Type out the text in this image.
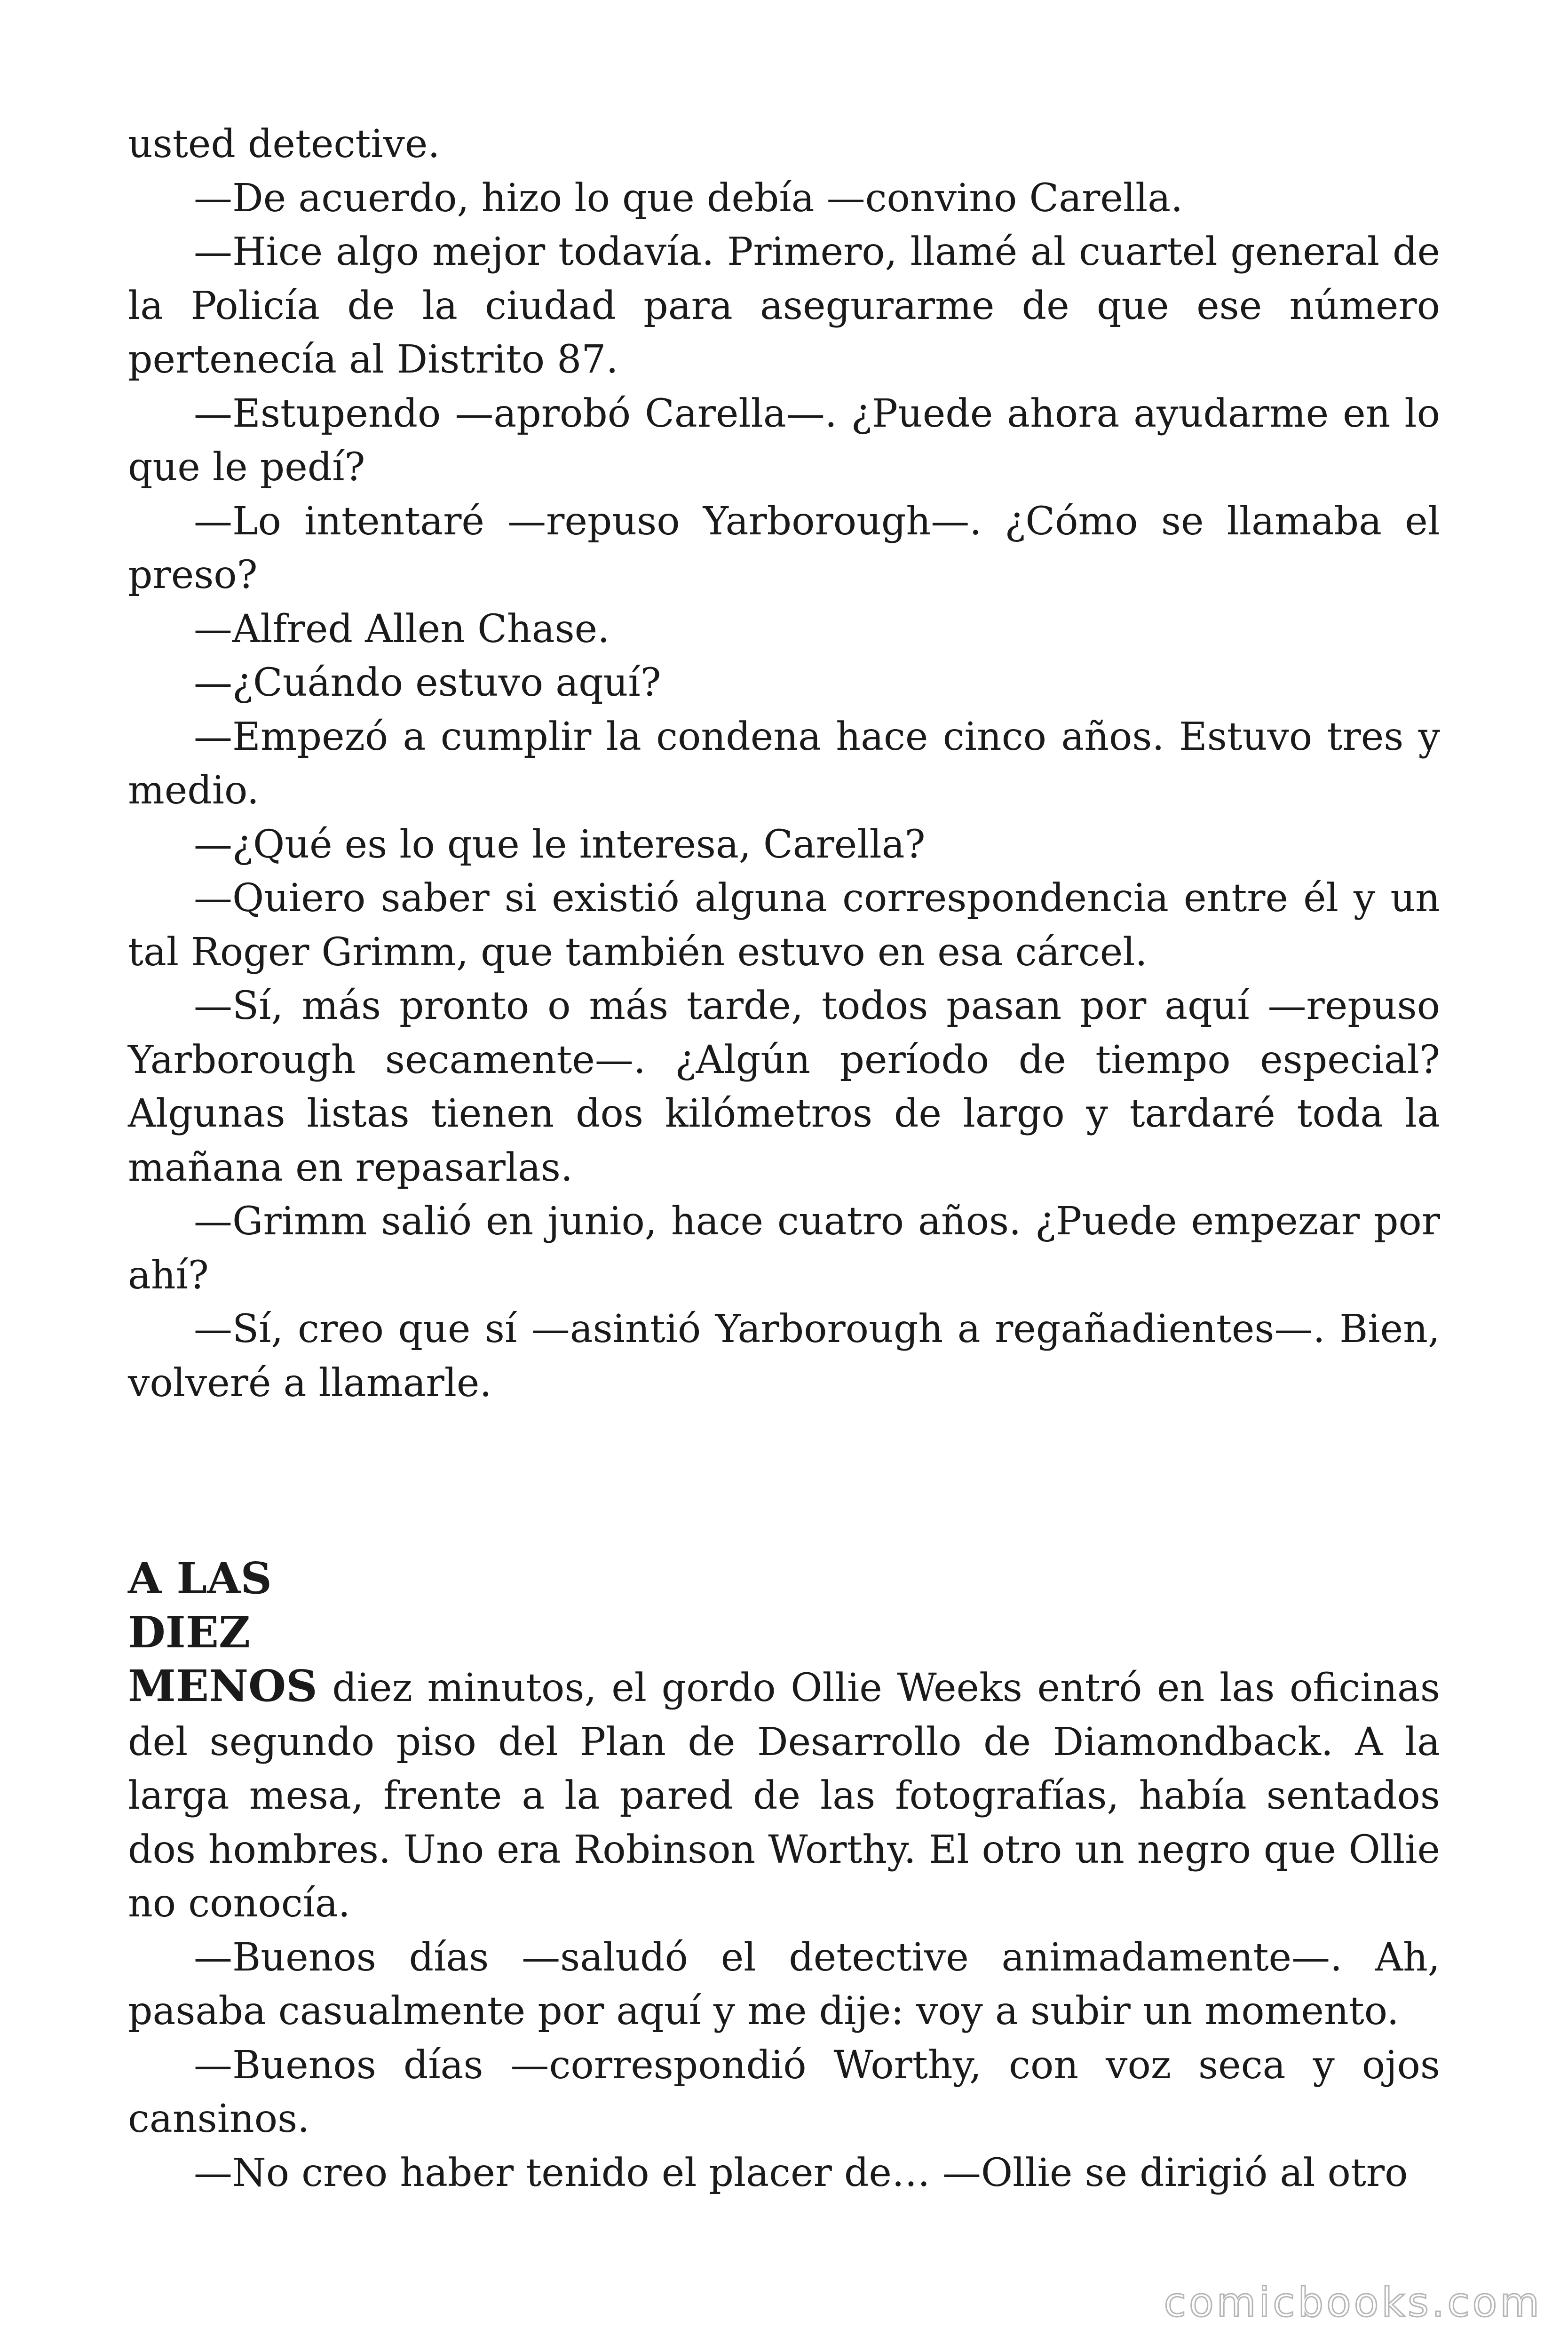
usted detective.

—De acuerdo, hizo lo que debía —convino Carella.

—Hice algo mejor todavía. Primero, llamé al cuartel general de la Policía de la ciudad para asegurarme de que ese número pertenecía al Distrito 87.

—Estupendo —aprobó Carella—. ¿Puede ahora ayudarme en lo que le pedí?

—Lo intentaré —repuso Yarborough—. ¿Cómo se llamaba el preso?

—Alfred Allen Chase.

—¿Cuándo estuvo aquí?

—Empezó a cumplir la condena hace cinco años. Estuvo tres y medio.

—¿Qué es lo que le interesa, Carella?

—Quiero saber si existió alguna correspondencia entre él y un tal Roger Grimm, que también estuvo en esa cárcel.

—Sí, más pronto o más tarde, todos pasan por aquí —repuso Yarborough secamente—. ¿Algún período de tiempo especial? Algunas listas tienen dos kilómetros de largo y tardaré toda la mañana en repasarlas.

—Grimm salió en junio, hace cuatro años. ¿Puede empezar por ahí?

—Sí, creo que sí —asintió Yarborough a regañadientes—. Bien, volveré a llamarle.

A LAS
DIEZ

MENOS diez minutos, el gordo Ollie Weeks entró en las oficinas del segundo piso del Plan de Desarrollo de Diamondback. A la larga mesa, frente a la pared de las fotografías, había sentados dos hombres. Uno era Robinson Worthy. El otro un negro que Ollie no conocía.

—Buenos días —saludó el detective animadamente—. Ah, pasaba casualmente por aquí y me dije: voy a subir un momento.

—Buenos días —correspondió Worthy, con voz seca y ojos cansinos.

—No creo haber tenido el placer de… —Ollie se dirigió al otro

comicbooks.com
